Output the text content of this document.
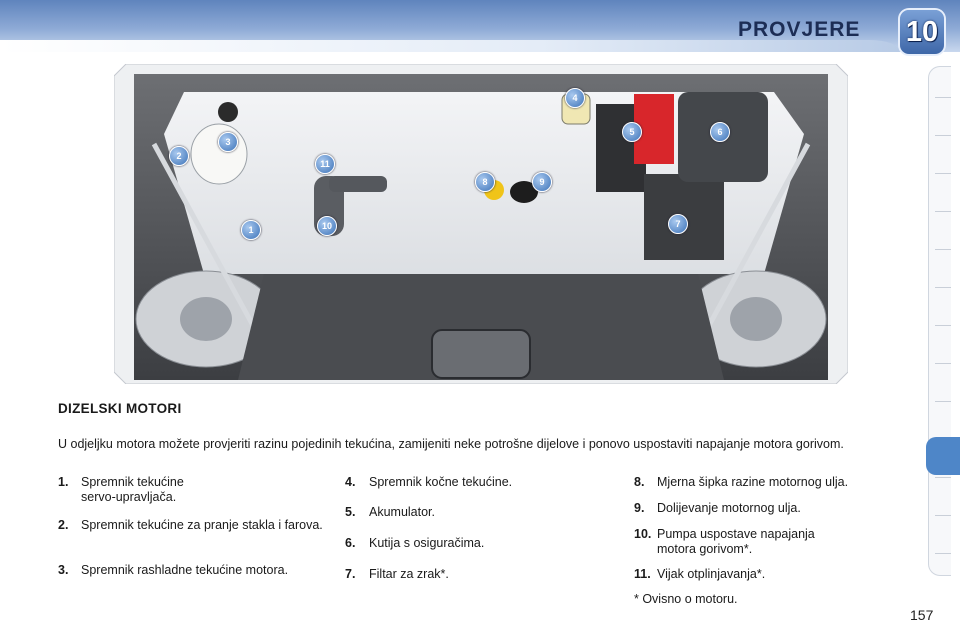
PROVJERE 10
1
2
3
4
5	6
7
8	9
10
11
DIZELSKI MOTORI
U odjeljku motora možete provjeriti razinu pojedinih tekućina, zamijeniti neke potrošne dijelove i ponovo uspostaviti napajanje motora gorivom.
1.	Spremnik tekućine servo-upravljača.
2.	Spremnik tekućine za pranje stakla i farova.
3.	Spremnik rashladne tekućine motora.
4.	Spremnik kočne tekućine.
5.	Akumulator.
6.	Kutija s osiguračima.
7.	Filtar za zrak*.
8.	Mjerna šipka razine motornog ulja.
9.	Dolijevanje motornog ulja.
10. Pumpa uspostave napajanja motora gorivom*.
11. Vijak otplinjavanja*.
* Ovisno o motoru.
157
